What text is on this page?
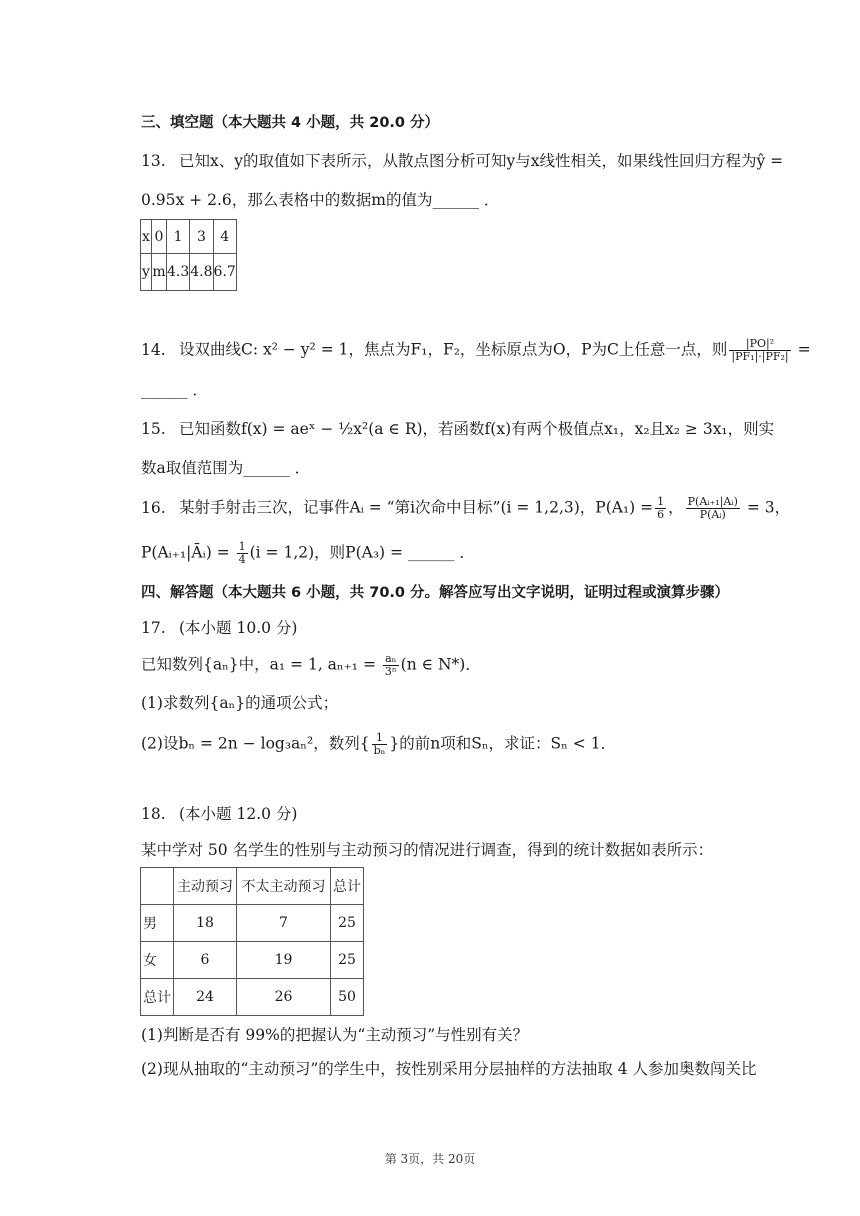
三、填空题（本大题共 4 小题，共 20.0 分）
13. 已知x、y的取值如下表所示，从散点图分析可知y与x线性相关，如果线性回归方程为ŷ =
0.95x + 2.6，那么表格中的数据m的值为______ ．
x	0	1	3	4
y	m	4.3	4.8	6.7
14. 设双曲线C: x² − y² = 1，焦点为F₁，F₂，坐标原点为O，P为C上任意一点，则 $\frac{\text{|PO|²}}{\text{|PF₁|·|PF₂|}}$ =
______ ．
15. 已知函数f(x) = aeˣ − ½x²(a ∈ R)，若函数f(x)有两个极值点x₁，x₂且x₂ ≥ 3x₁，则实
数a取值范围为______ ．
16. 某射手射击三次，记事件Aᵢ = “第i次命中目标”(i = 1,2,3)，$P(A_1) = \frac{1}{6}$ ， $\frac{\text{P(Aᵢ₊₁|Aᵢ)}}{\text{P(Aᵢ)}} = 3$，
P(Aᵢ₊₁|Āᵢ) = $\frac{1}{4} (i = 1,2)$，则P(A₃) = ______ ．
四、解答题（本大题共 6 小题，共 70.0 分。解答应写出文字说明，证明过程或演算步骤）
17. (本小题 10.0 分)
已知数列{aₙ}中，a₁ = 1, $a_{n+1} = \frac{\text{aₙ}}{\text{3ⁿ}} (n$ ∈ N*)．
(1)求数列{aₙ}的通项公式；
(2)设bₙ = 2n − log₃aₙ²，数列{ $\frac{1}{\text{bₙ}}$ }的前n项和Sₙ，求证：Sₙ < 1．
18. (本小题 12.0 分)
某中学对 50 名学生的性别与主动预习的情况进行调查，得到的统计数据如表所示：
	主动预习	不太主动预习	总计
男	18	7	25
女	6	19	25
总计	24	26	50
(1)判断是否有 99%的把握认为“主动预习”与性别有关？
(2)现从抽取的“主动预习”的学生中，按性别采用分层抽样的方法抽取 4 人参加奥数闯关比
第 3页，共 20页
